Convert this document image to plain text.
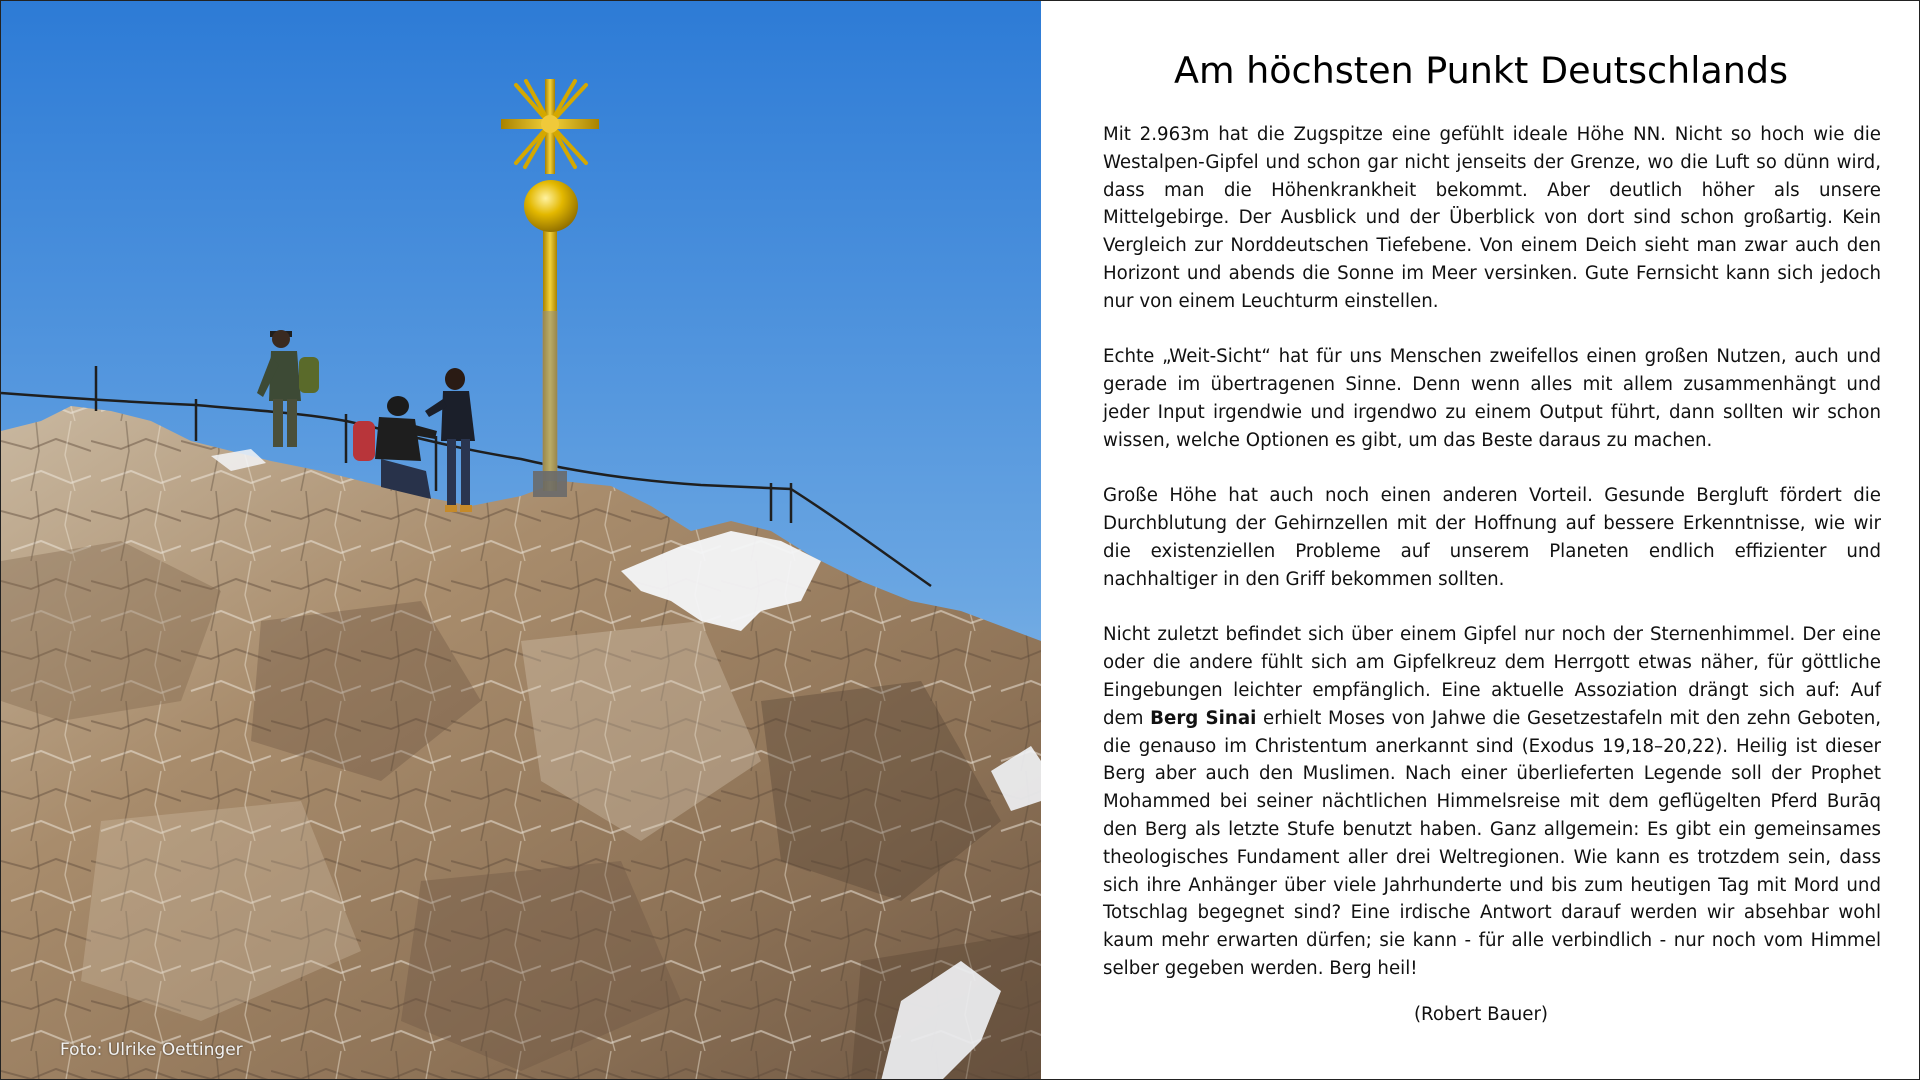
Foto: Ulrike Oettinger
Am höchsten Punkt Deutschlands

Mit 2.963m hat die Zugspitze eine gefühlt ideale Höhe NN. Nicht so hoch wie die Westalpen-Gipfel und schon gar nicht jenseits der Grenze, wo die Luft so dünn wird, dass man die Höhenkrankheit bekommt. Aber deutlich höher als unsere Mittelgebirge. Der Ausblick und der Überblick von dort sind schon großartig. Kein Vergleich zur Norddeutschen Tiefebene. Von einem Deich sieht man zwar auch den Horizont und abends die Sonne im Meer versinken. Gute Fernsicht kann sich jedoch nur von einem Leuchturm einstellen.

Echte „Weit-Sicht“ hat für uns Menschen zweifellos einen großen Nutzen, auch und gerade im übertragenen Sinne. Denn wenn alles mit allem zusammenhängt und jeder Input irgendwie und irgendwo zu einem Output führt, dann sollten wir schon wissen, welche Optionen es gibt, um das Beste daraus zu machen.

Große Höhe hat auch noch einen anderen Vorteil. Gesunde Bergluft fördert die Durchblutung der Gehirnzellen mit der Hoffnung auf bessere Erkenntnisse, wie wir die existenziellen Probleme auf unserem Planeten endlich effizienter und nachhaltiger in den Griff bekommen sollten.

Nicht zuletzt befindet sich über einem Gipfel nur noch der Sternenhimmel. Der eine oder die andere fühlt sich am Gipfelkreuz dem Herrgott etwas näher, für göttliche Eingebungen leichter empfänglich. Eine aktuelle Assoziation drängt sich auf: Auf dem Berg Sinai erhielt Moses von Jahwe die Gesetzestafeln mit den zehn Geboten, die genauso im Christentum anerkannt sind (Exodus 19,18–20,22). Heilig ist dieser Berg aber auch den Muslimen. Nach einer überlieferten Legende soll der Prophet Mohammed bei seiner nächtlichen Himmelsreise mit dem geflügelten Pferd Burāq den Berg als letzte Stufe benutzt haben. Ganz allgemein: Es gibt ein gemeinsames theologisches Fundament aller drei Weltregionen. Wie kann es trotzdem sein, dass sich ihre Anhänger über viele Jahrhunderte und bis zum heutigen Tag mit Mord und Totschlag begegnet sind? Eine irdische Antwort darauf werden wir absehbar wohl kaum mehr erwarten dürfen; sie kann - für alle verbindlich - nur noch vom Himmel selber gegeben werden. Berg heil!

(Robert Bauer)
